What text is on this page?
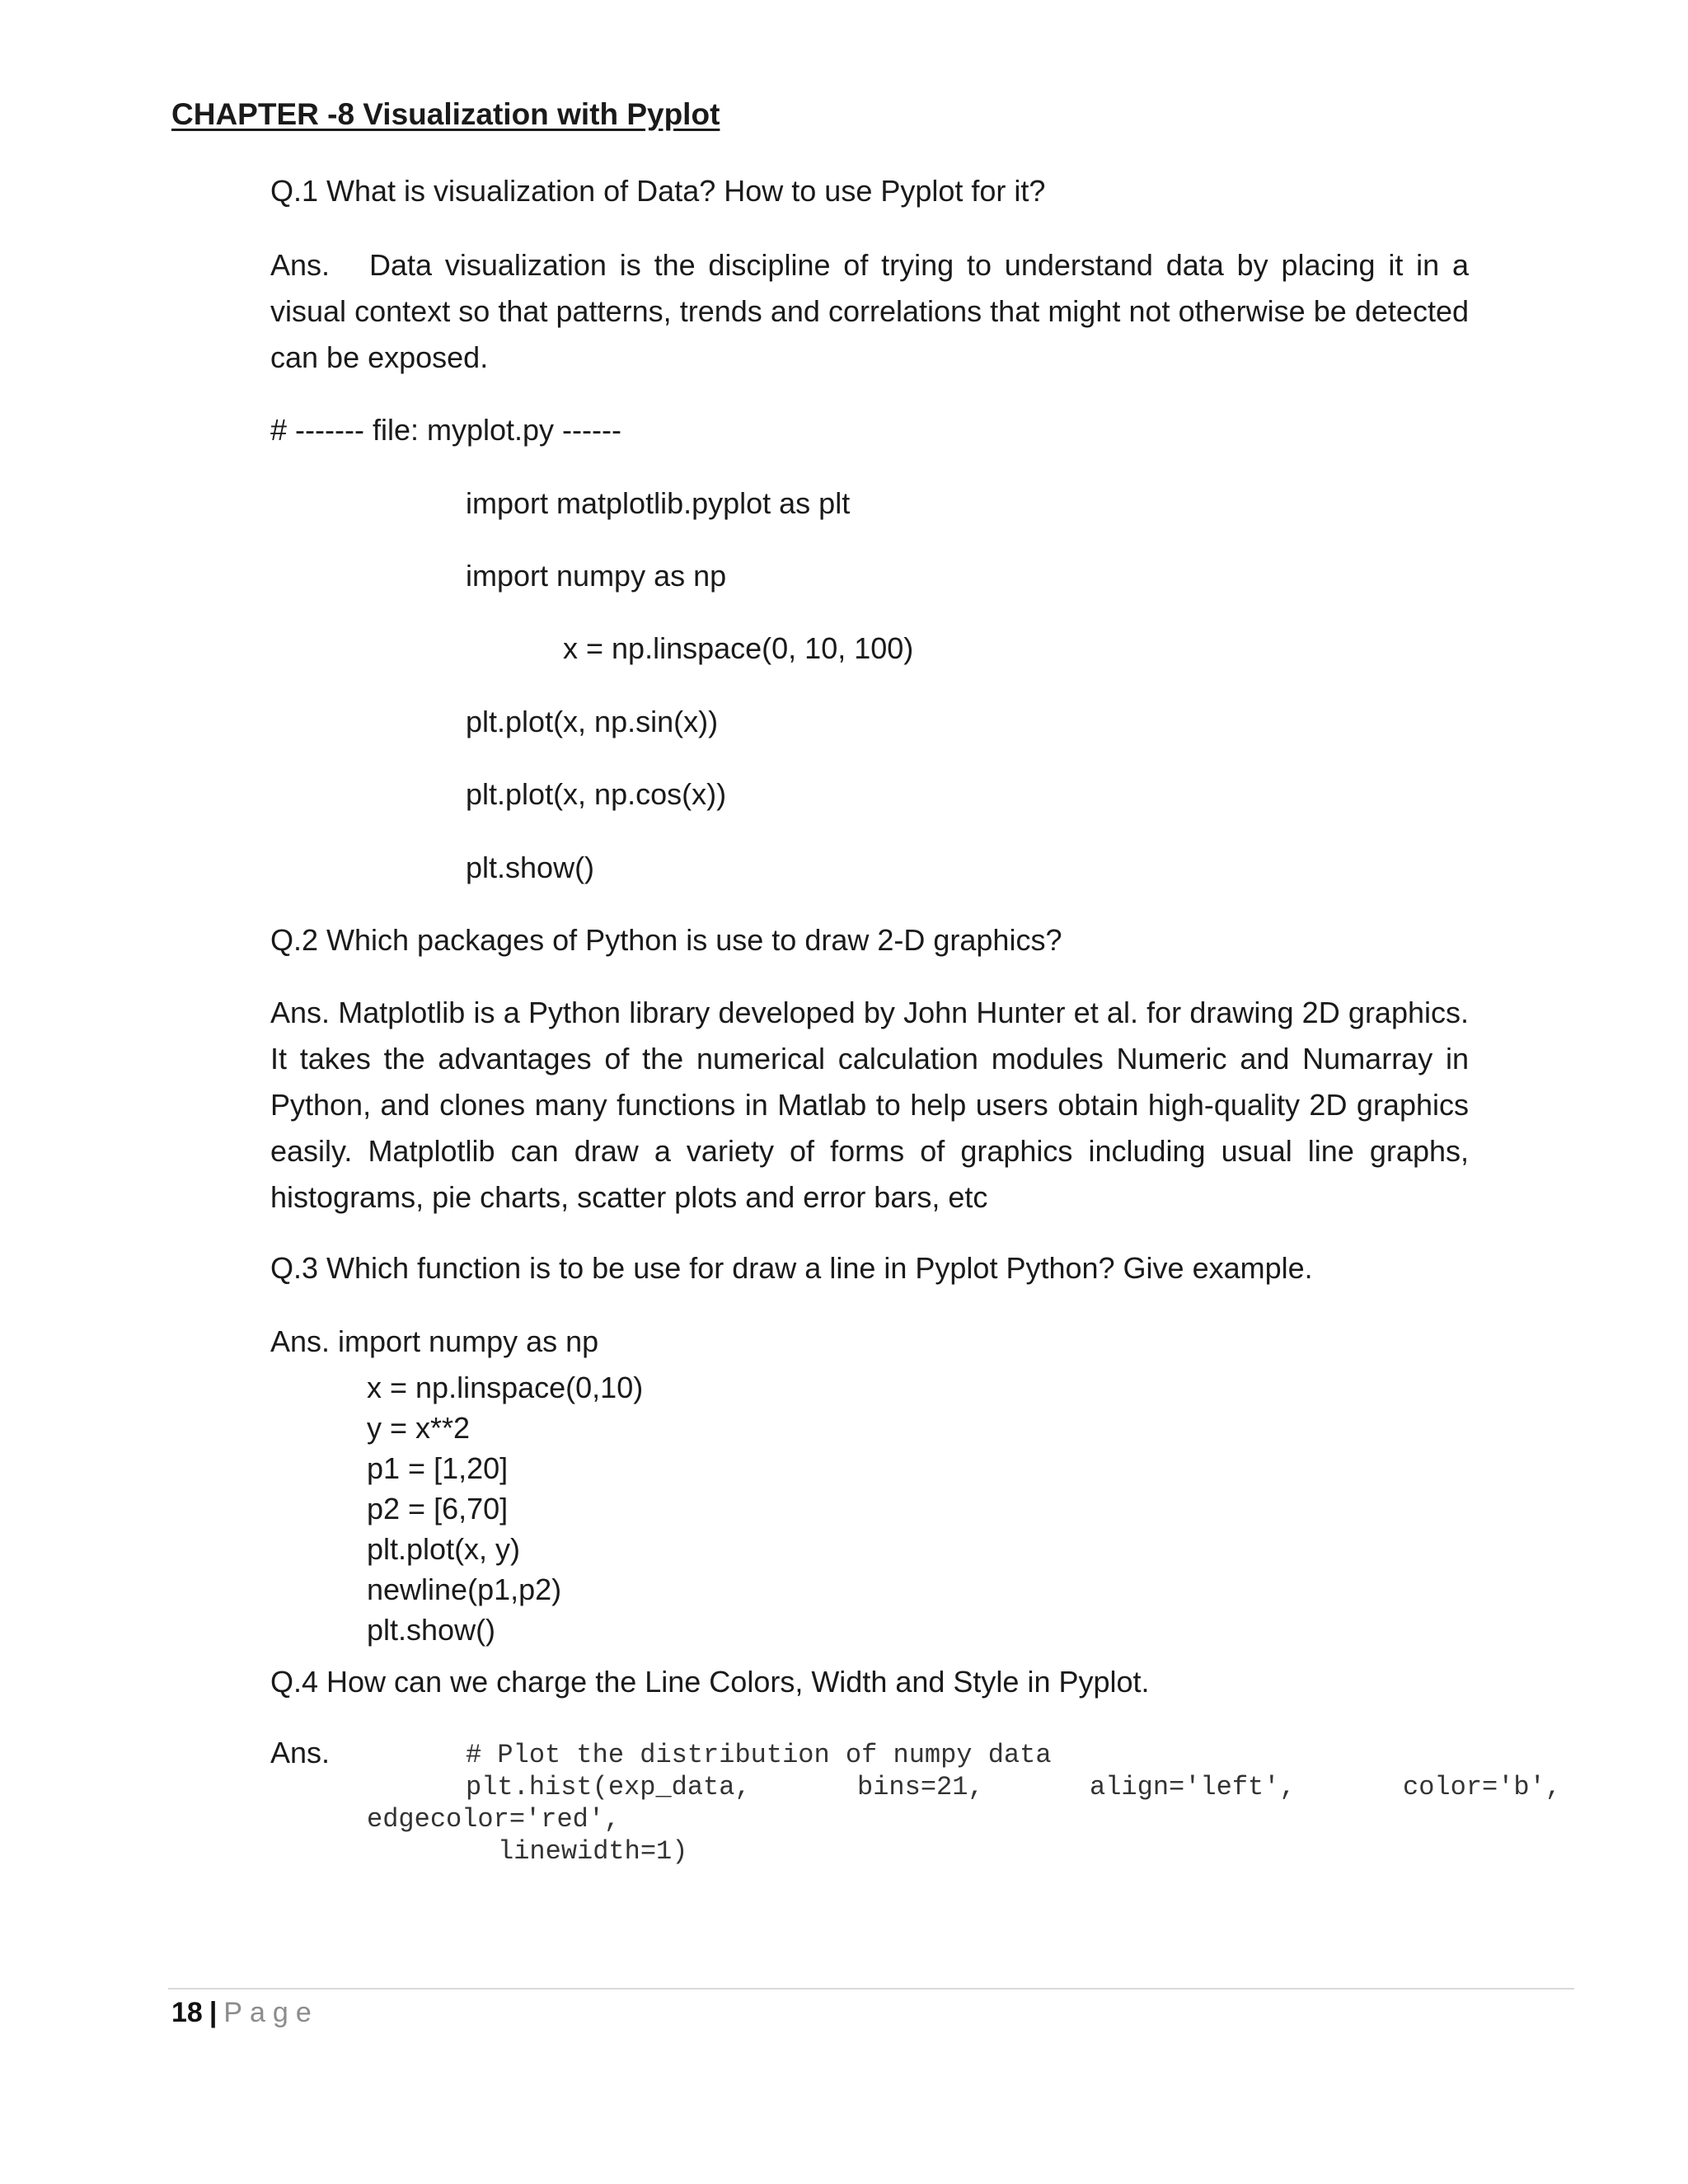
CHAPTER -8 Visualization with Pyplot
Q.1 What is visualization of Data? How to use Pyplot for it?
Ans. Data visualization is the discipline of trying to understand data by placing it in a visual context so that patterns, trends and correlations that might not otherwise be detected can be exposed.
# ------- file: myplot.py ------
import matplotlib.pyplot as plt
import numpy as np
x = np.linspace(0, 10, 100)
plt.plot(x, np.sin(x))
plt.plot(x, np.cos(x))
plt.show()
Q.2 Which packages of Python is use to draw 2-D graphics?
Ans. Matplotlib is a Python library developed by John Hunter et al. for drawing 2D graphics. It takes the advantages of the numerical calculation modules Numeric and Numarray in Python, and clones many functions in Matlab to help users obtain high-quality 2D graphics easily. Matplotlib can draw a variety of forms of graphics including usual line graphs, histograms, pie charts, scatter plots and error bars, etc
Q.3 Which function is to be use for draw a line in Pyplot Python? Give example.
Ans. import numpy as np
x = np.linspace(0,10)
y = x**2
p1 = [1,20]
p2 = [6,70]
plt.plot(x, y)
newline(p1,p2)
plt.show()
Q.4 How can we charge the Line Colors, Width and Style in Pyplot.
Ans.	# Plot the distribution of numpy data
plt.hist(exp_data,	bins=21,	align='left',	color='b',
edgecolor='red',
linewidth=1)
18 | Page
